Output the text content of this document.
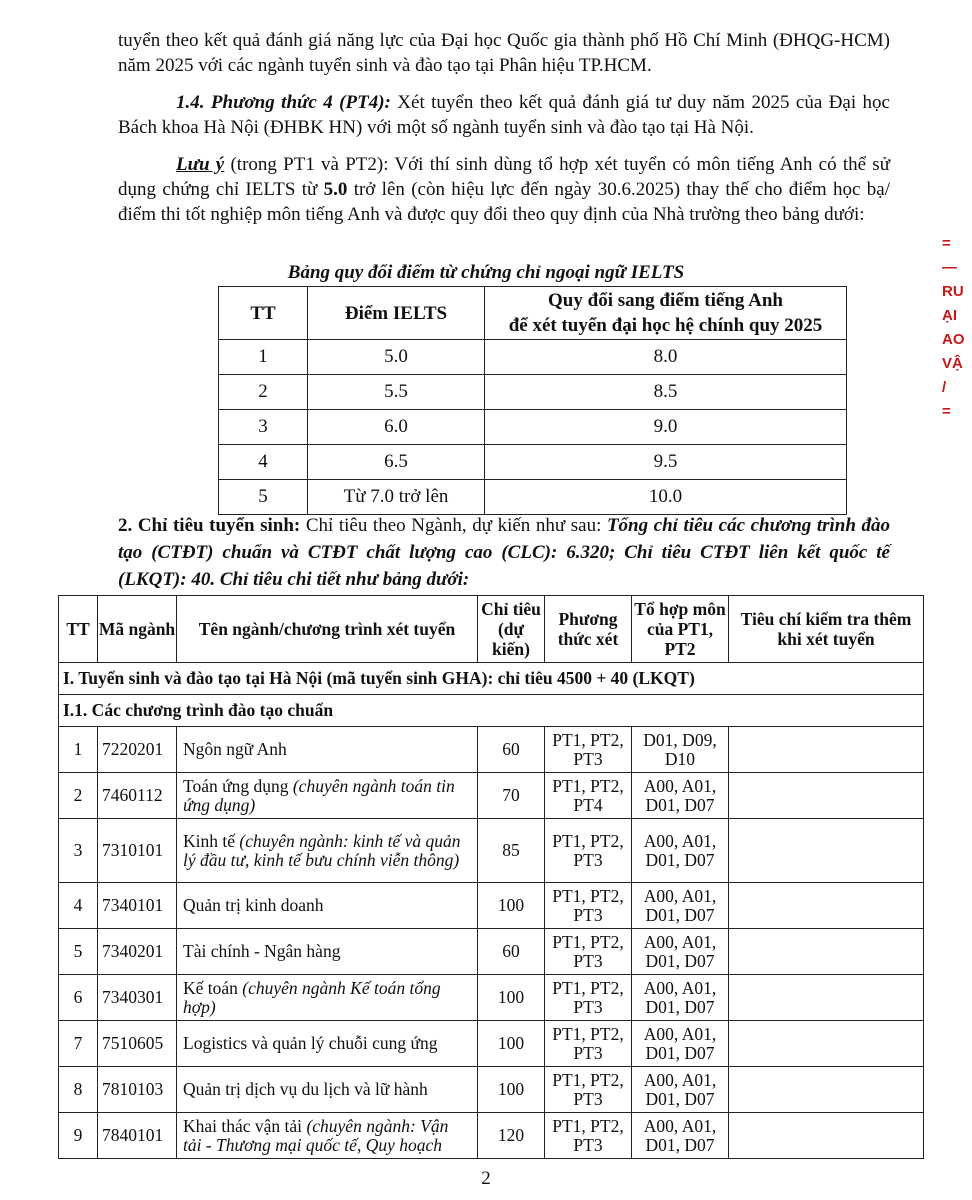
tuyển theo kết quả đánh giá năng lực của Đại học Quốc gia thành phố Hồ Chí Minh (ĐHQG-HCM) năm 2025 với các ngành tuyển sinh và đào tạo tại Phân hiệu TP.HCM.

1.4. Phương thức 4 (PT4): Xét tuyển theo kết quả đánh giá tư duy năm 2025 của Đại học Bách khoa Hà Nội (ĐHBK HN) với một số ngành tuyển sinh và đào tạo tại Hà Nội.

Lưu ý (trong PT1 và PT2): Với thí sinh dùng tổ hợp xét tuyển có môn tiếng Anh có thể sử dụng chứng chỉ IELTS từ 5.0 trở lên (còn hiệu lực đến ngày 30.6.2025) thay thế cho điểm học bạ/điểm thi tốt nghiệp môn tiếng Anh và được quy đổi theo quy định của Nhà trường theo bảng dưới:

Bảng quy đổi điểm từ chứng chỉ ngoại ngữ IELTS
TT	Điểm IELTS	Quy đổi sang điểm tiếng Anh
để xét tuyển đại học hệ chính quy 2025
1	5.0	8.0
2	5.5	8.5
3	6.0	9.0
4	6.5	9.5
5	Từ 7.0 trở lên	10.0

2. Chỉ tiêu tuyển sinh: Chỉ tiêu theo Ngành, dự kiến như sau: Tổng chỉ tiêu các chương trình đào tạo (CTĐT) chuẩn và CTĐT chất lượng cao (CLC): 6.320; Chỉ tiêu CTĐT liên kết quốc tế (LKQT): 40. Chỉ tiêu chi tiết như bảng dưới:

TT	Mã ngành	Tên ngành/chương trình xét tuyển	Chỉ tiêu (dự kiến)	Phương thức xét	Tổ hợp môn của PT1, PT2	Tiêu chí kiểm tra thêm khi xét tuyển
I. Tuyển sinh và đào tạo tại Hà Nội (mã tuyển sinh GHA): chỉ tiêu 4500 + 40 (LKQT)						
I.1. Các chương trình đào tạo chuẩn						
1	7220201	Ngôn ngữ Anh	60	PT1, PT2, PT3	D01, D09, D10	
2	7460112	Toán ứng dụng (chuyên ngành toán tin ứng dụng)	70	PT1, PT2, PT4	A00, A01, D01, D07	
3	7310101	Kinh tế (chuyên ngành: kinh tế và quản lý đầu tư, kinh tế bưu chính viễn thông)	85	PT1, PT2, PT3	A00, A01, D01, D07	
4	7340101	Quản trị kinh doanh	100	PT1, PT2, PT3	A00, A01, D01, D07	
5	7340201	Tài chính - Ngân hàng	60	PT1, PT2, PT3	A00, A01, D01, D07	
6	7340301	Kế toán (chuyên ngành Kế toán tổng hợp)	100	PT1, PT2, PT3	A00, A01, D01, D07	
7	7510605	Logistics và quản lý chuỗi cung ứng	100	PT1, PT2, PT3	A00, A01, D01, D07	
8	7810103	Quản trị dịch vụ du lịch và lữ hành	100	PT1, PT2, PT3	A00, A01, D01, D07	
9	7840101	Khai thác vận tải (chuyên ngành: Vận tải - Thương mại quốc tế, Quy hoạch	120	PT1, PT2, PT3	A00, A01, D01, D07	
=
—
RU
ẠI
AO
VẬ
/
=
2
